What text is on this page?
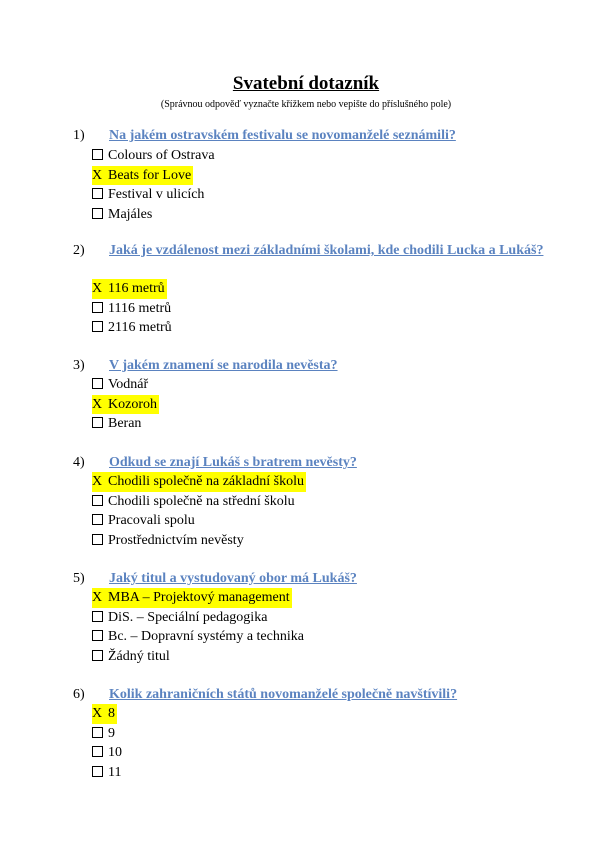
Svatební dotazník
(Správnou odpověď vyznačte křížkem nebo vepište do příslušného pole)
1) Na jakém ostravském festivalu se novomanželé seznámili?
Colours of Ostrava
X Beats for Love
Festival v ulicích
Majáles
2) Jaká je vzdálenost mezi základními školami, kde chodili Lucka a Lukáš?
X 116 metrů
1116 metrů
2116 metrů
3) V jakém znamení se narodila nevěsta?
Vodnář
X Kozoroh
Beran
4) Odkud se znají Lukáš s bratrem nevěsty?
X Chodili společně na základní školu
Chodili společně na střední školu
Pracovali spolu
Prostřednictvím nevěsty
5) Jaký titul a vystudovaný obor má Lukáš?
X MBA – Projektový management
DiS. – Speciální pedagogika
Bc. – Dopravní systémy a technika
Žádný titul
6) Kolik zahraničních států novomanželé společně navštívili?
X 8
9
10
11
